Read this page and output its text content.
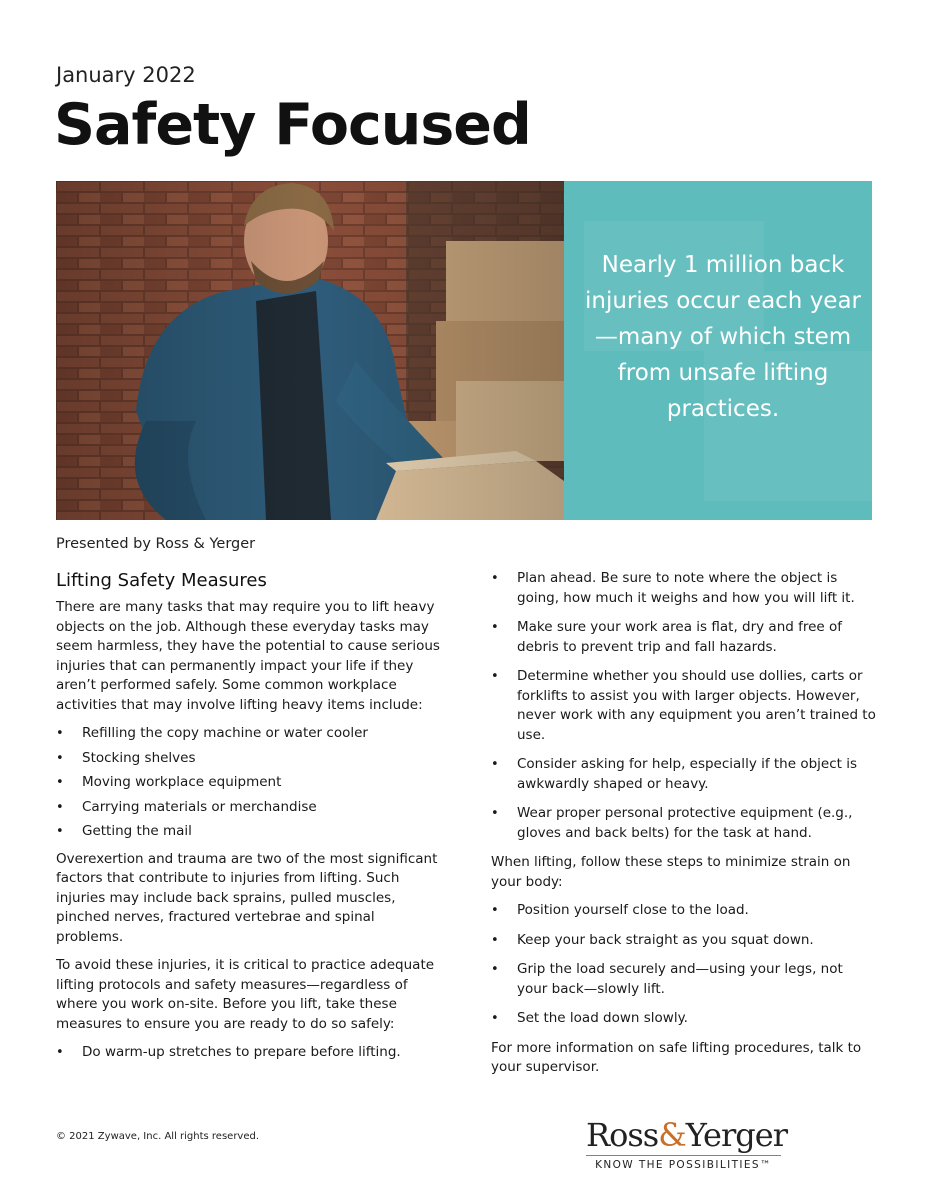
January 2022
Safety Focused
Nearly 1 million back injuries occur each year—many of which stem from unsafe lifting practices.
Presented by Ross & Yerger
Lifting Safety Measures

There are many tasks that may require you to lift heavy objects on the job. Although these everyday tasks may seem harmless, they have the potential to cause serious injuries that can permanently impact your life if they aren’t performed safely. Some common workplace activities that may involve lifting heavy items include:

• Refilling the copy machine or water cooler
• Stocking shelves
• Moving workplace equipment
• Carrying materials or merchandise
• Getting the mail

Overexertion and trauma are two of the most significant factors that contribute to injuries from lifting. Such injuries may include back sprains, pulled muscles, pinched nerves, fractured vertebrae and spinal problems.

To avoid these injuries, it is critical to practice adequate lifting protocols and safety measures—regardless of where you work on-site. Before you lift, take these measures to ensure you are ready to do so safely:

• Do warm-up stretches to prepare before lifting.
• Plan ahead. Be sure to note where the object is going, how much it weighs and how you will lift it.
• Make sure your work area is flat, dry and free of debris to prevent trip and fall hazards.
• Determine whether you should use dollies, carts or forklifts to assist you with larger objects. However, never work with any equipment you aren’t trained to use.
• Consider asking for help, especially if the object is awkwardly shaped or heavy.
• Wear proper personal protective equipment (e.g., gloves and back belts) for the task at hand.

When lifting, follow these steps to minimize strain on your body:

• Position yourself close to the load.
• Keep your back straight as you squat down.
• Grip the load securely and—using your legs, not your back—slowly lift.
• Set the load down slowly.

For more information on safe lifting procedures, talk to your supervisor.

© 2021 Zywave, Inc. All rights reserved.	Ross&Yerger
KNOW THE POSSIBILITIES™
